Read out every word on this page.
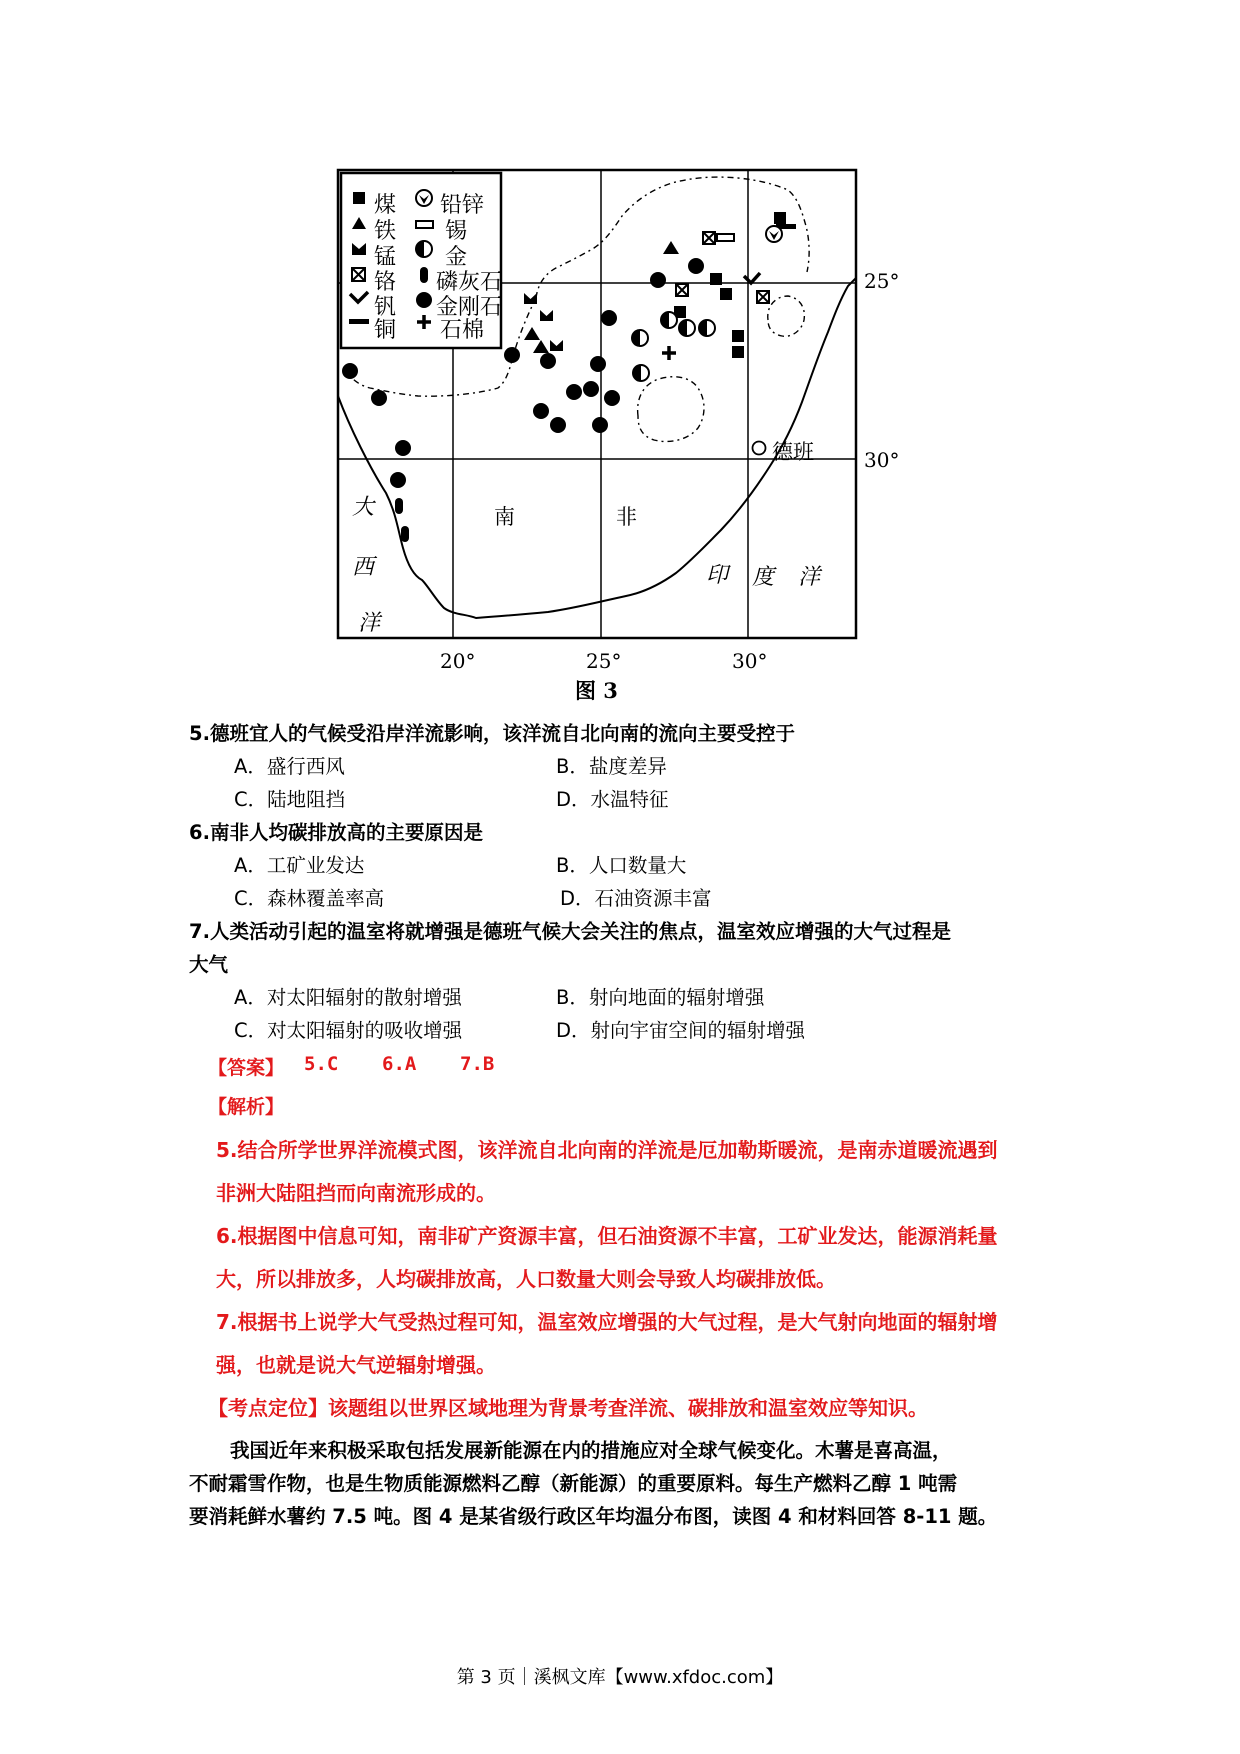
煤
铁
锰
铬
钒
铜
铅锌
锡
金
磷灰石
金刚石
石棉
25°
30°
20°	25°	30°
南	非
大
西
洋
印 度 洋
德班
图 3
5.德班宜人的气候受沿岸洋流影响，该洋流自北向南的流向主要受控于
A．盛行西风	B．盐度差异
C．陆地阻挡	D．水温特征
6.南非人均碳排放高的主要原因是
A．工矿业发达	B．人口数量大
C．森林覆盖率高	D．石油资源丰富
7.人类活动引起的温室将就增强是德班气候大会关注的焦点，温室效应增强的大气过程是
大气
A．对太阳辐射的散射增强	B．射向地面的辐射增强
C．对太阳辐射的吸收增强	D．射向宇宙空间的辐射增强
【答案】 5.C 6.A 7.B
【解析】
5.结合所学世界洋流模式图，该洋流自北向南的洋流是厄加勒斯暖流，是南赤道暖流遇到
非洲大陆阻挡而向南流形成的。
6.根据图中信息可知，南非矿产资源丰富，但石油资源不丰富，工矿业发达，能源消耗量
大，所以排放多，人均碳排放高，人口数量大则会导致人均碳排放低。
7.根据书上说学大气受热过程可知，温室效应增强的大气过程，是大气射向地面的辐射增
强，也就是说大气逆辐射增强。
【考点定位】该题组以世界区域地理为背景考查洋流、碳排放和温室效应等知识。
我国近年来积极采取包括发展新能源在内的措施应对全球气候变化。木薯是喜高温，
不耐霜雪作物，也是生物质能源燃料乙醇（新能源）的重要原料。每生产燃料乙醇 1 吨需
要消耗鲜水薯约 7.5 吨。图 4 是某省级行政区年均温分布图，读图 4 和材料回答 8-11 题。
第 3 页｜溪枫文库【www.xfdoc.com】
